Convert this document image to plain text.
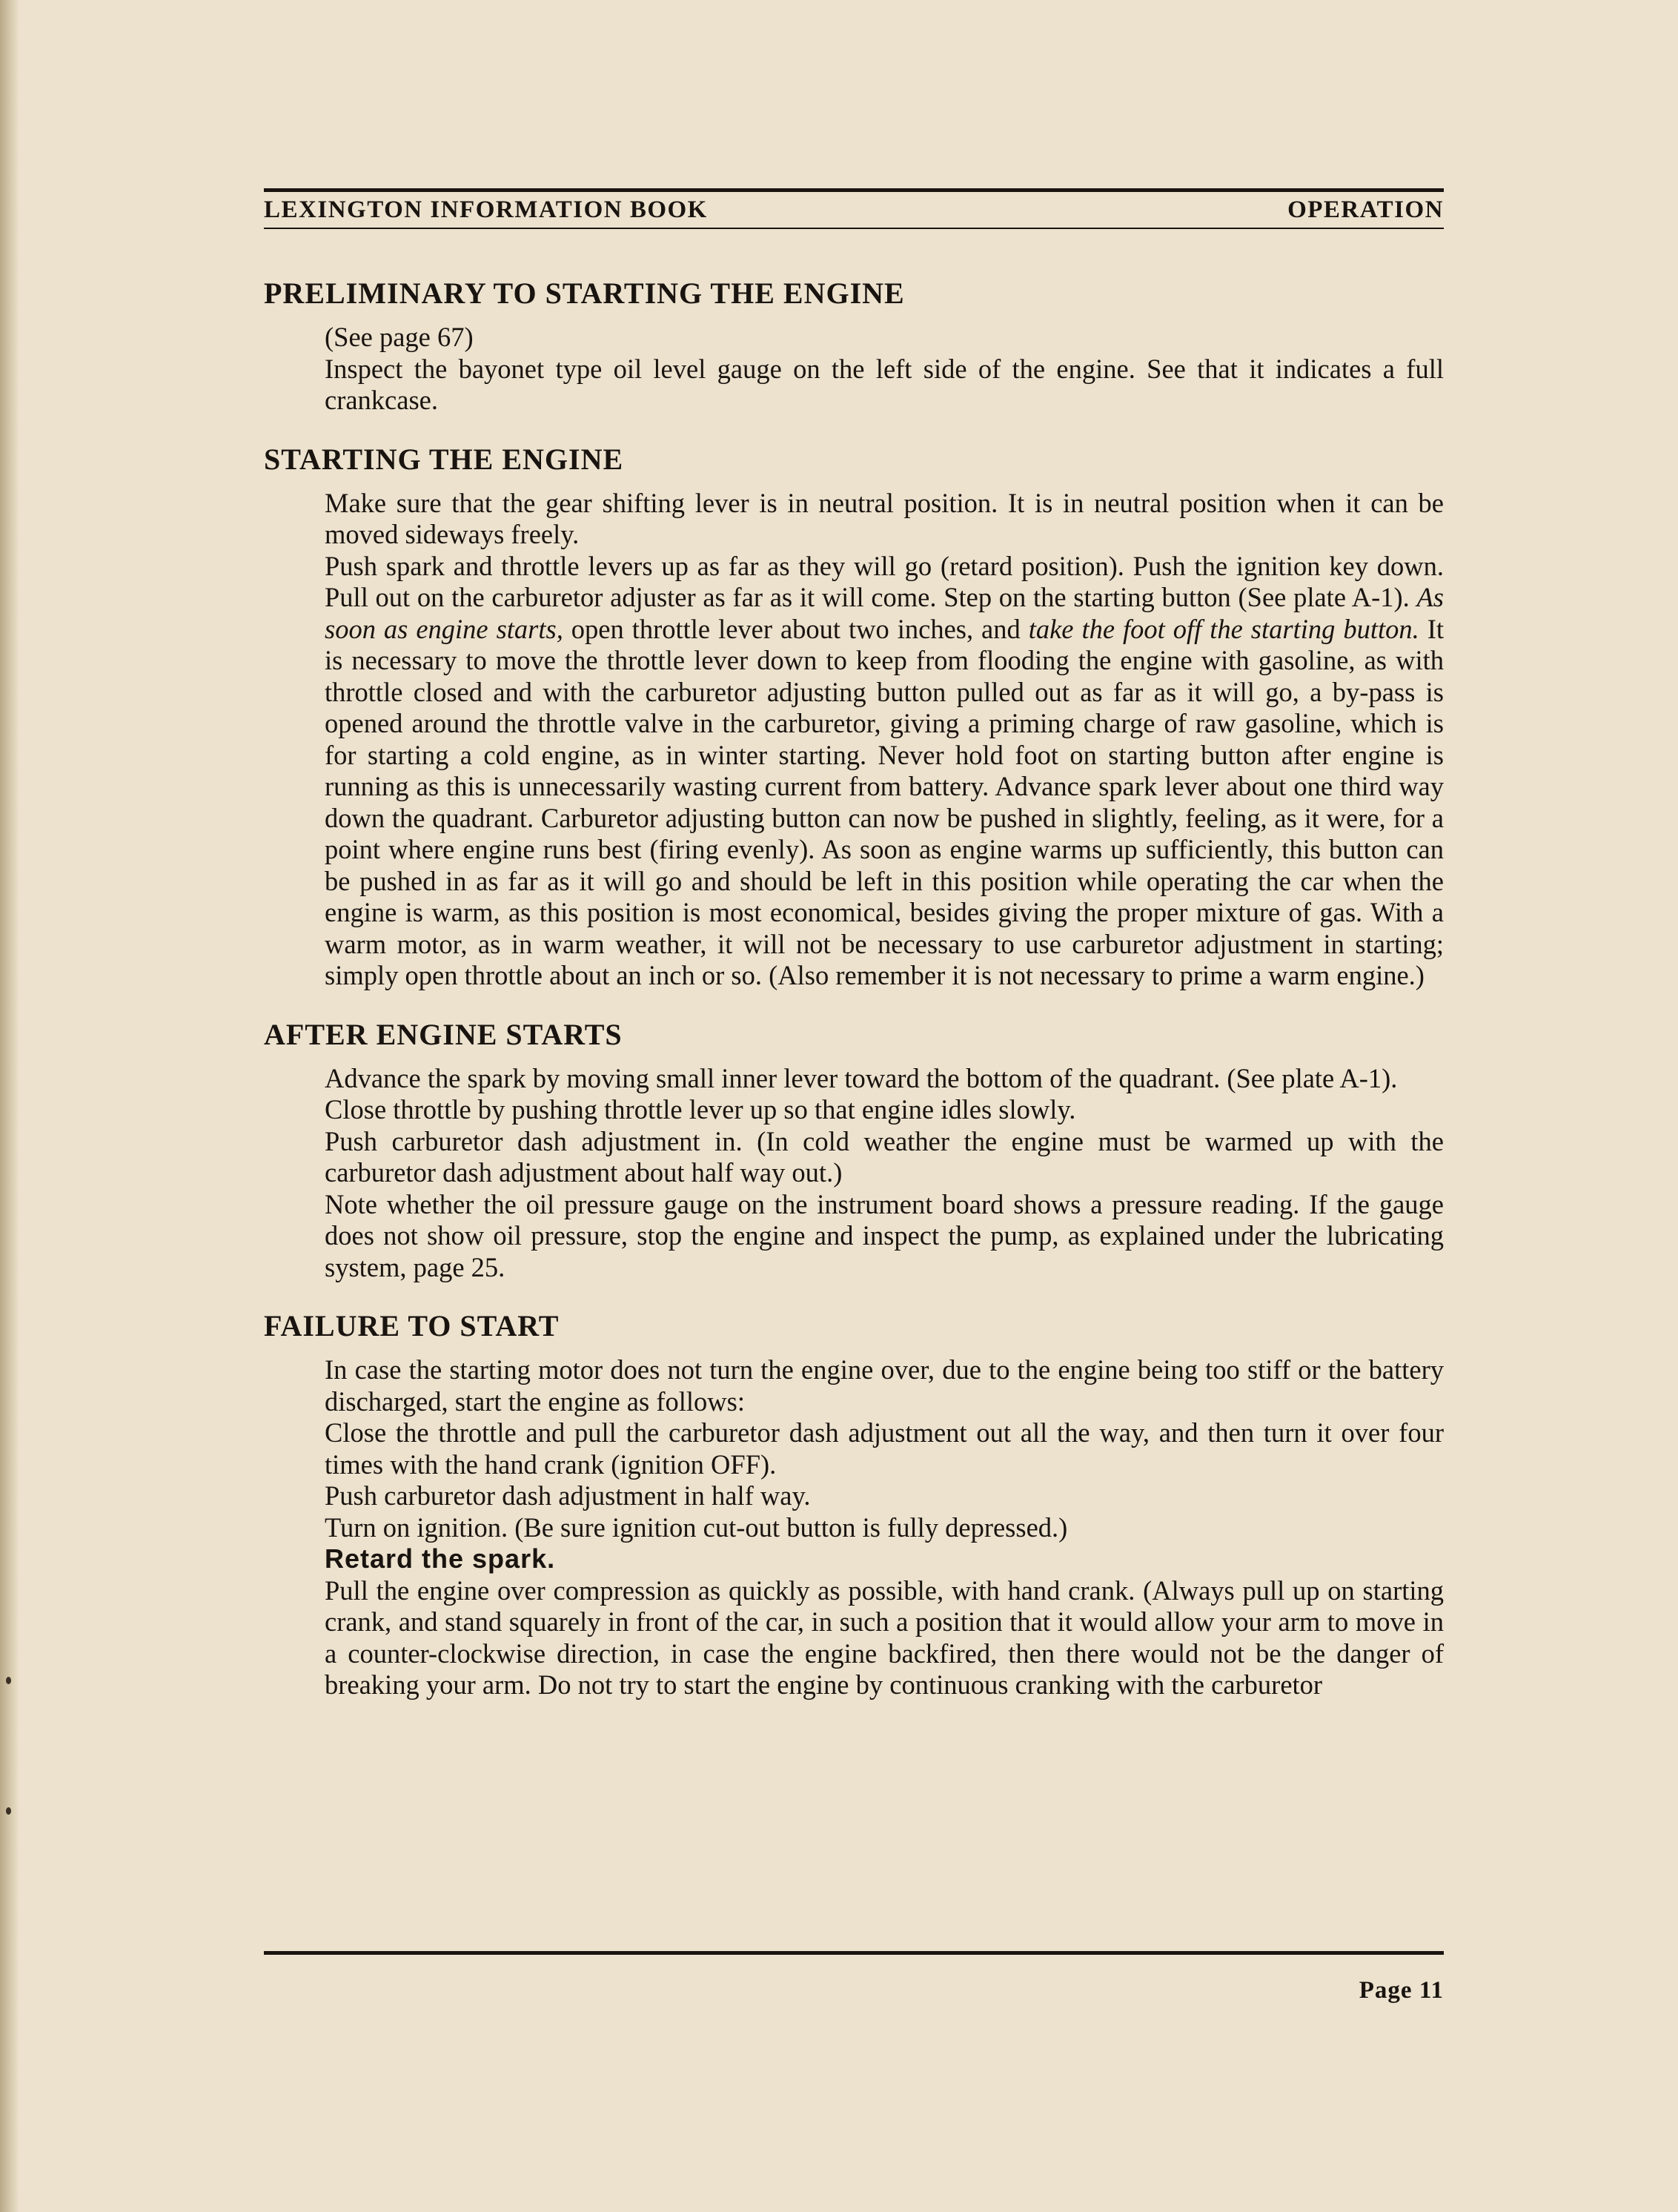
LEXINGTON INFORMATION BOOK	OPERATION
PRELIMINARY TO STARTING THE ENGINE

(See page 67)

Inspect the bayonet type oil level gauge on the left side of the engine. See that it indicates a full crankcase.

STARTING THE ENGINE

Make sure that the gear shifting lever is in neutral position. It is in neutral position when it can be moved sideways freely.

Push spark and throttle levers up as far as they will go (retard position). Push the ignition key down. Pull out on the carburetor adjuster as far as it will come. Step on the starting button (See plate A-1). As soon as engine starts, open throttle lever about two inches, and take the foot off the starting button. It is necessary to move the throttle lever down to keep from flooding the engine with gasoline, as with throttle closed and with the carburetor adjusting button pulled out as far as it will go, a by-pass is opened around the throttle valve in the carburetor, giving a priming charge of raw gasoline, which is for starting a cold engine, as in winter starting. Never hold foot on starting button after engine is running as this is unnecessarily wasting current from battery. Advance spark lever about one third way down the quadrant. Carburetor adjusting button can now be pushed in slightly, feeling, as it were, for a point where engine runs best (firing evenly). As soon as engine warms up sufficiently, this button can be pushed in as far as it will go and should be left in this position while operating the car when the engine is warm, as this position is most economical, besides giving the proper mixture of gas. With a warm motor, as in warm weather, it will not be necessary to use carburetor adjustment in starting; simply open throttle about an inch or so. (Also remember it is not necessary to prime a warm engine.)

AFTER ENGINE STARTS

Advance the spark by moving small inner lever toward the bottom of the quadrant. (See plate A-1).

Close throttle by pushing throttle lever up so that engine idles slowly.

Push carburetor dash adjustment in. (In cold weather the engine must be warmed up with the carburetor dash adjustment about half way out.)

Note whether the oil pressure gauge on the instrument board shows a pressure reading. If the gauge does not show oil pressure, stop the engine and inspect the pump, as explained under the lubricating system, page 25.

FAILURE TO START

In case the starting motor does not turn the engine over, due to the engine being too stiff or the battery discharged, start the engine as follows:

Close the throttle and pull the carburetor dash adjustment out all the way, and then turn it over four times with the hand crank (ignition OFF).

Push carburetor dash adjustment in half way.

Turn on ignition. (Be sure ignition cut-out button is fully depressed.)

Retard the spark.

Pull the engine over compression as quickly as possible, with hand crank. (Always pull up on starting crank, and stand squarely in front of the car, in such a position that it would allow your arm to move in a counter-clockwise direction, in case the engine backfired, then there would not be the danger of breaking your arm. Do not try to start the engine by continuous cranking with the carburetor

Page 11
